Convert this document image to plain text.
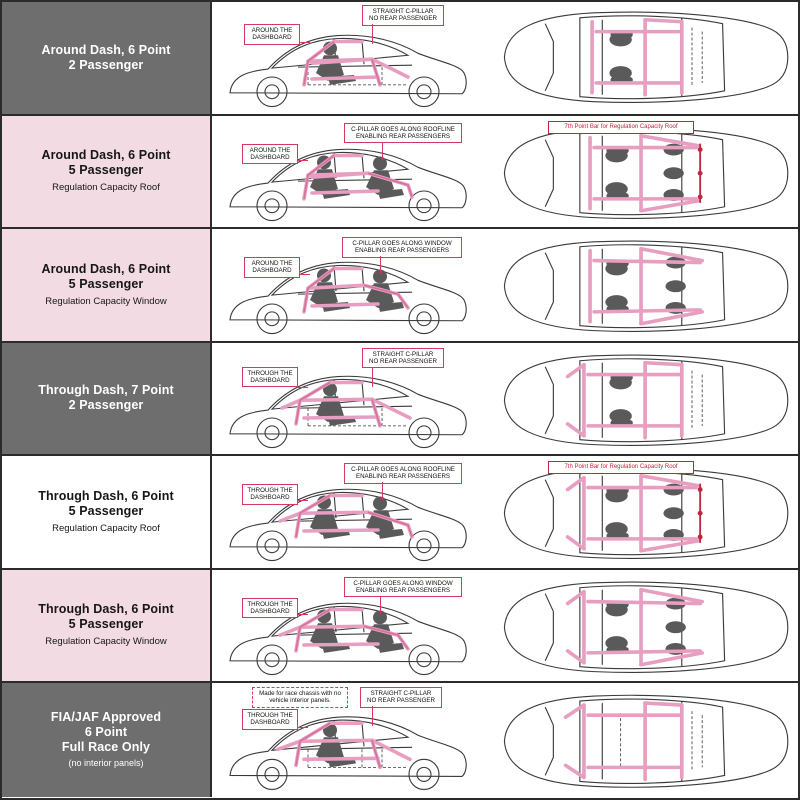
Around Dash, 6 Point
2 Passenger
AROUND THE
DASHBOARD
STRAIGHT C-PILLAR
NO REAR PASSENGER
Around Dash, 6 Point
5 Passenger
Regulation Capacity Roof
AROUND THE
DASHBOARD
C-PILLAR GOES ALONG ROOFLINE
ENABLING REAR PASSENGERS
7th Point Bar for Regulation Capacity Roof
Around Dash, 6 Point
5 Passenger
Regulation Capacity Window
AROUND THE
DASHBOARD
C-PILLAR GOES ALONG WINDOW
ENABLING REAR PASSENGERS
Through Dash, 7 Point
2 Passenger
THROUGH THE
DASHBOARD
STRAIGHT C-PILLAR
NO REAR PASSENGER
Through Dash, 6 Point
5 Passenger
Regulation Capacity Roof
THROUGH THE
DASHBOARD
C-PILLAR GOES ALONG ROOFLINE
ENABLING REAR PASSENGERS
7th Point Bar for Regulation Capacity Roof
Through Dash, 6 Point
5 Passenger
Regulation Capacity Window
THROUGH THE
DASHBOARD
C-PILLAR GOES ALONG WINDOW
ENABLING REAR PASSENGERS
FIA/JAF Approved
6 Point
Full Race Only
(no interior panels)
Made for race chassis with no
vehicle interior panels.
THROUGH THE
DASHBOARD
STRAIGHT C-PILLAR
NO REAR PASSENGER
